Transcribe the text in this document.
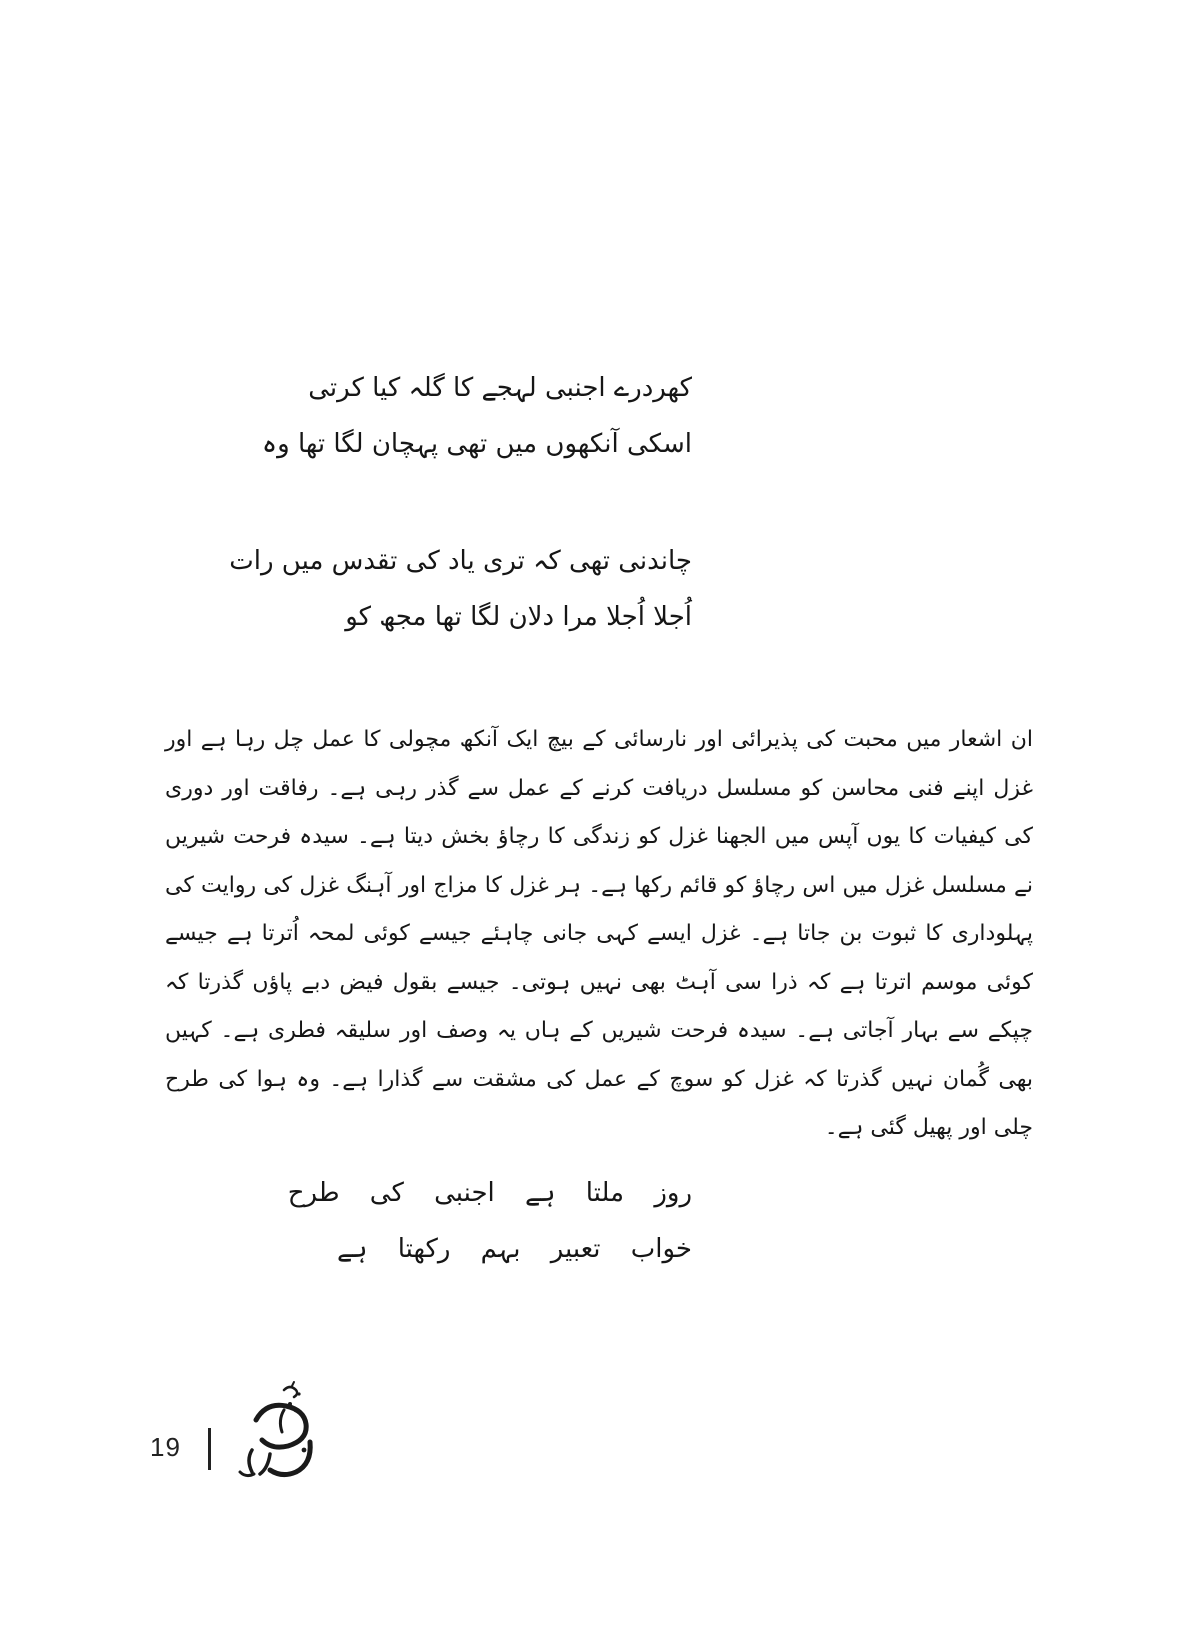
کھردرے اجنبی لہجے کا گلہ کیا کرتی
اسکی آنکھوں میں تھی پہچان لگا تھا وہ
چاندنی تھی کہ تری یاد کی تقدس میں رات
اُجلا اُجلا مرا دلان لگا تھا مجھ کو
ان اشعار میں محبت کی پذیرائی اور نارسائی کے بیچ ایک آنکھ مچولی کا عمل چل رہا ہے اور غزل اپنے فنی محاسن کو مسلسل دریافت کرنے کے عمل سے گذر رہی ہے۔ رفاقت اور دوری کی کیفیات کا یوں آپس میں الجھنا غزل کو زندگی کا رچاؤ بخش دیتا ہے۔ سیدہ فرحت شیریں نے مسلسل غزل میں اس رچاؤ کو قائم رکھا ہے۔ ہر غزل کا مزاج اور آہنگ غزل کی روایت کی پہلوداری کا ثبوت بن جاتا ہے۔ غزل ایسے کہی جانی چاہئے جیسے کوئی لمحہ اُترتا ہے جیسے کوئی موسم اترتا ہے کہ ذرا سی آہٹ بھی نہیں ہوتی۔ جیسے بقول فیض دبے پاؤں گذرتا کہ چپکے سے بہار آجاتی ہے۔ سیدہ فرحت شیریں کے ہاں یہ وصف اور سلیقہ فطری ہے۔ کہیں بھی گُمان نہیں گذرتا کہ غزل کو سوچ کے عمل کی مشقت سے گذارا ہے۔ وہ ہوا کی طرح چلی اور پھیل گئی ہے۔
روز ملتا ہے اجنبی کی طرح
خواب تعبیر بہم رکھتا ہے
19
